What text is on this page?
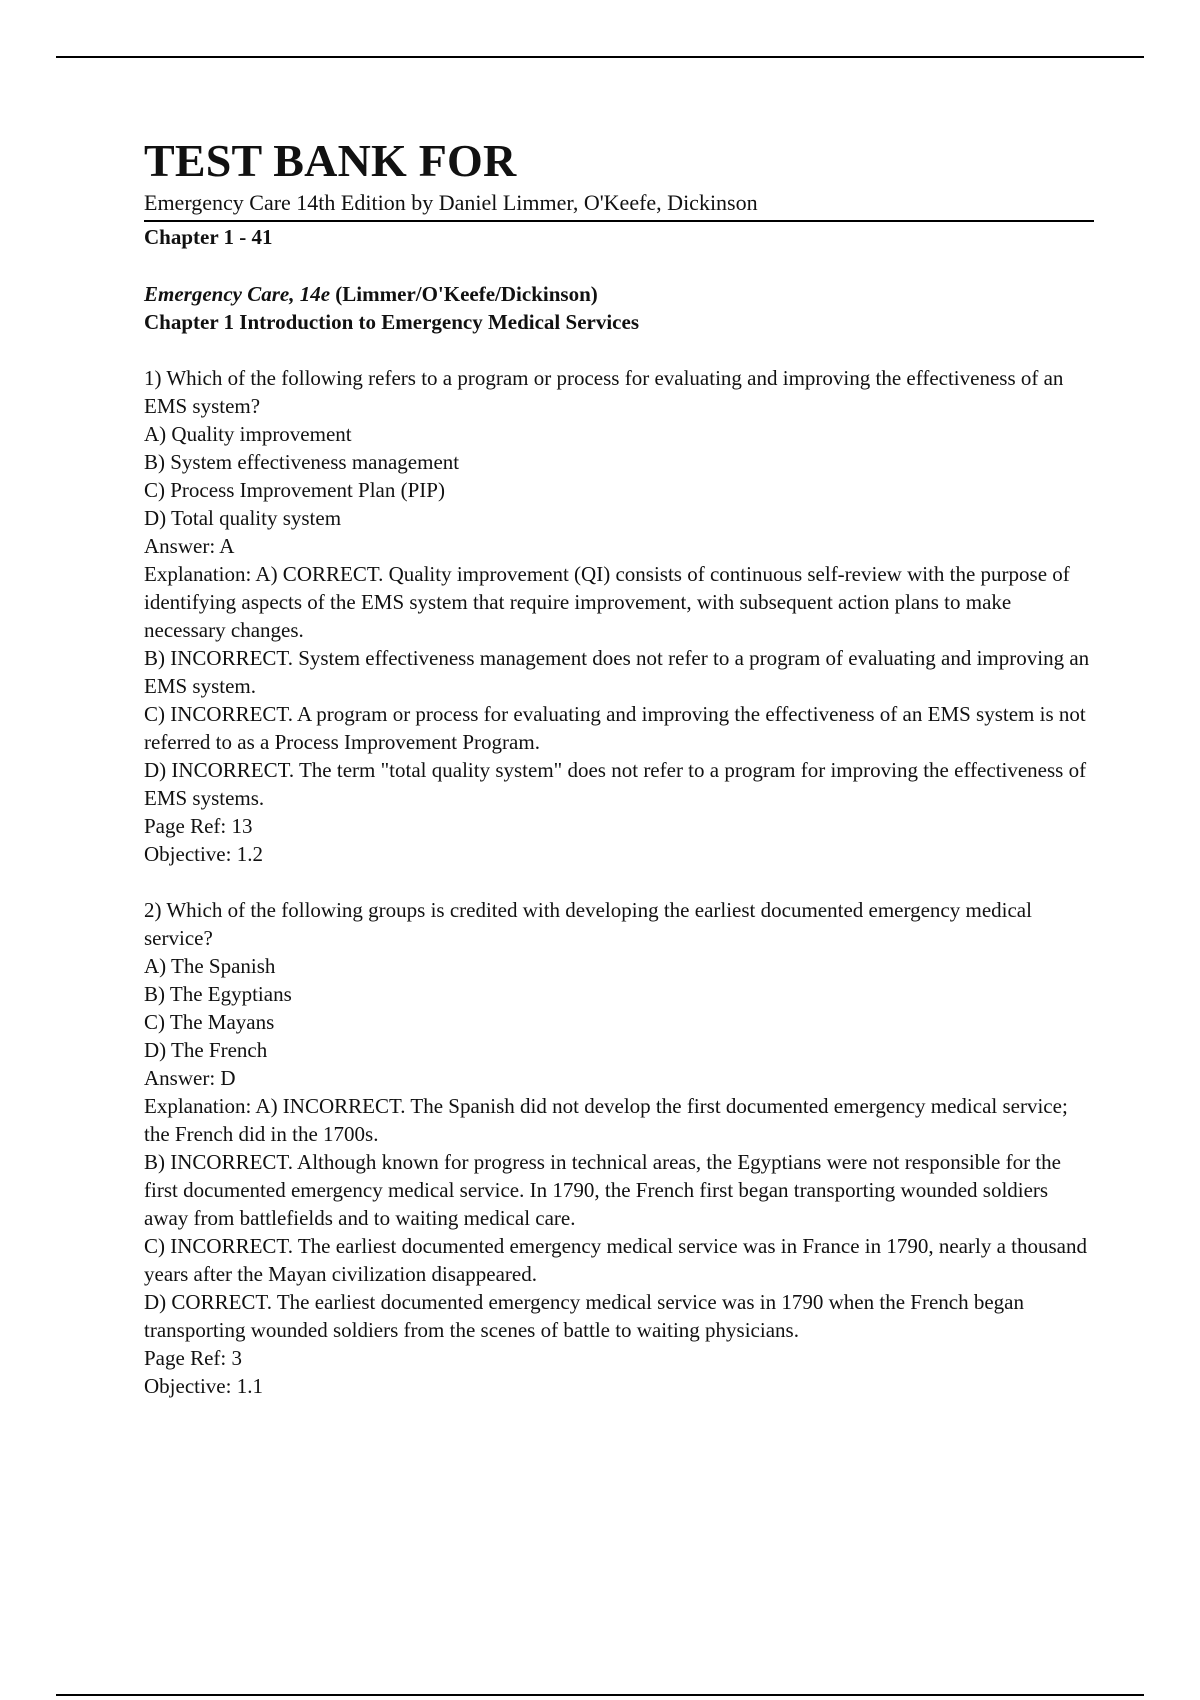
TEST BANK FOR

Emergency Care 14th Edition by Daniel Limmer, O'Keefe, Dickinson

Chapter 1 - 41

Emergency Care, 14e (Limmer/O'Keefe/Dickinson)

Chapter 1 Introduction to Emergency Medical Services

1) Which of the following refers to a program or process for evaluating and improving the effectiveness of an EMS system?

A) Quality improvement

B) System effectiveness management

C) Process Improvement Plan (PIP)

D) Total quality system

Answer: A

Explanation: A) CORRECT. Quality improvement (QI) consists of continuous self-review with the purpose of identifying aspects of the EMS system that require improvement, with subsequent action plans to make necessary changes.

B) INCORRECT. System effectiveness management does not refer to a program of evaluating and improving an EMS system.

C) INCORRECT. A program or process for evaluating and improving the effectiveness of an EMS system is not referred to as a Process Improvement Program.

D) INCORRECT. The term "total quality system" does not refer to a program for improving the effectiveness of EMS systems.

Page Ref: 13

Objective: 1.2

2) Which of the following groups is credited with developing the earliest documented emergency medical service?

A) The Spanish

B) The Egyptians

C) The Mayans

D) The French

Answer: D

Explanation: A) INCORRECT. The Spanish did not develop the first documented emergency medical service; the French did in the 1700s.

B) INCORRECT. Although known for progress in technical areas, the Egyptians were not responsible for the first documented emergency medical service. In 1790, the French first began transporting wounded soldiers away from battlefields and to waiting medical care.

C) INCORRECT. The earliest documented emergency medical service was in France in 1790, nearly a thousand years after the Mayan civilization disappeared.

D) CORRECT. The earliest documented emergency medical service was in 1790 when the French began transporting wounded soldiers from the scenes of battle to waiting physicians.

Page Ref: 3

Objective: 1.1
